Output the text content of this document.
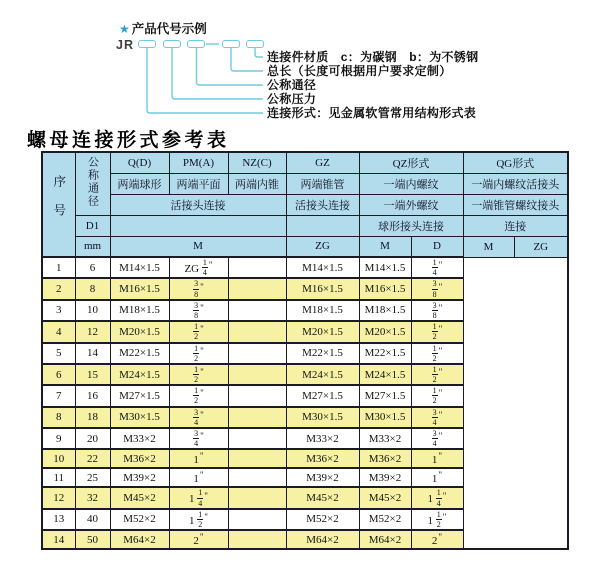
★ 产品代号示例
JR
连接件材质　c：为碳钢　b：为不锈钢
总长（长度可根据用户要求定制）
公称通径
公称压力
连接形式：见金属软管常用结构形式表
螺母连接形式参考表
序号	公称通径	Q(D)	PM(A)	NZ(C)	GZ	QZ形式		QG形式	
		两端球形	两端平面	两端内锥	两端锥管	一端内螺纹		一端内螺纹活接头	
		活接头连接			活接头连接	一端外螺纹		一端锥管螺纹接头	
	D1					球形接头连接		连接	
	mm	M			ZG	M	D	M	ZG
1	6	M14×1.5	ZG $\frac{1}{4} ^"$		M14×1.5	M14×1.5	$\frac{1}{4} ^"$
2	8	M16×1.5	$\frac{3}{8} ^"$		M16×1.5	M16×1.5	$\frac{3}{8} ^"$
3	10	M18×1.5	$\frac{3}{8} ^"$		M18×1.5	M18×1.5	$\frac{3}{8} ^"$
4	12	M20×1.5	$\frac{1}{2} ^"$		M20×1.5	M20×1.5	$\frac{1}{2} ^"$
5	14	M22×1.5	$\frac{1}{2} ^"$		M22×1.5	M22×1.5	$\frac{1}{2} ^"$
6	15	M24×1.5	$\frac{1}{2} ^"$		M24×1.5	M24×1.5	$\frac{1}{2} ^"$
7	16	M27×1.5	$\frac{1}{2} ^"$		M27×1.5	M27×1.5	$\frac{1}{2} ^"$
8	18	M30×1.5	$\frac{3}{4} ^"$		M30×1.5	M30×1.5	$\frac{3}{4} ^"$
9	20	M33×2	$\frac{3}{4} ^"$		M33×2	M33×2	$\frac{3}{4} ^"$
10	22	M36×2	1"		M36×2	M36×2	1"
11	25	M39×2	1"		M39×2	M39×2	1"
12	32	M45×2	$1 \frac{1}{4} ^"$		M45×2	M45×2	$1 \frac{1}{4} ^"$
13	40	M52×2	$1 \frac{1}{2} ^"$		M52×2	M52×2	$1 \frac{1}{2} ^"$
14	50	M64×2	2"		M64×2	M64×2	2"
